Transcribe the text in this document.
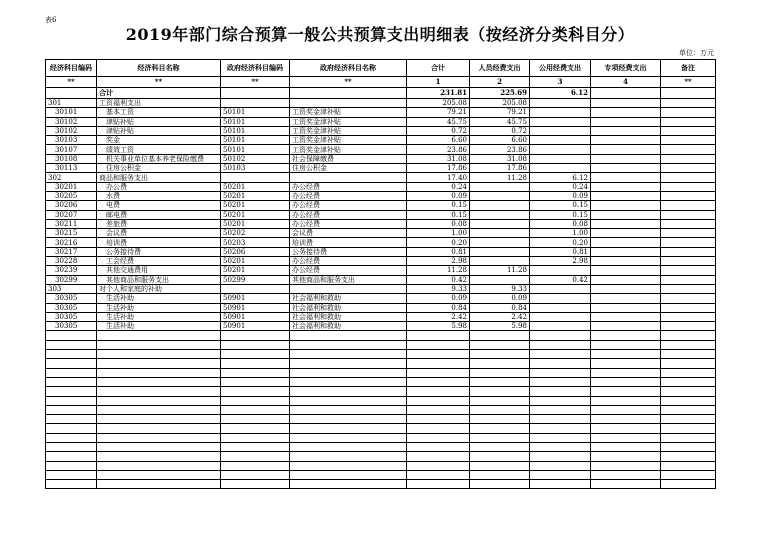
表6
2019年部门综合预算一般公共预算支出明细表（按经济分类科目分）
单位：万元
经济科目编码	经济科目名称	政府经济科目编码	政府经济科目名称	合计	人员经费支出	公用经费支出	专项经费支出	备注
**	**	**	**	1	2	3	4	**
	合计			231.81	225.69	6.12		
301	工资福利支出			205.08	205.08			
30101	基本工资	50101	工资奖金津补贴	79.21	79.21			
30102	津贴补贴	50101	工资奖金津补贴	45.75	45.75			
30102	津贴补贴	50101	工资奖金津补贴	0.72	0.72			
30103	奖金	50101	工资奖金津补贴	6.60	6.60			
30107	绩效工资	50101	工资奖金津补贴	23.86	23.86			
30108	机关事业单位基本养老保险缴费	50102	社会保障缴费	31.08	31.08			
30113	住房公积金	50103	住房公积金	17.86	17.86			
302	商品和服务支出			17.40	11.28	6.12		
30201	办公费	50201	办公经费	0.24		0.24		
30205	水费	50201	办公经费	0.09		0.09		
30206	电费	50201	办公经费	0.15		0.15		
30207	邮电费	50201	办公经费	0.15		0.15		
30211	差旅费	50201	办公经费	0.08		0.08		
30215	会议费	50202	会议费	1.00		1.00		
30216	培训费	50203	培训费	0.20		0.20		
30217	公务接待费	50206	公务接待费	0.81		0.81		
30228	工会经费	50201	办公经费	2.98		2.98		
30239	其他交通费用	50201	办公经费	11.28	11.28			
30299	其他商品和服务支出	50299	其他商品和服务支出	0.42		0.42		
303	对个人和家庭的补助			9.33	9.33			
30305	生活补助	50901	社会福利和救助	0.09	0.09			
30305	生活补助	50901	社会福利和救助	0.84	0.84			
30305	生活补助	50901	社会福利和救助	2.42	2.42			
30305	生活补助	50901	社会福利和救助	5.98	5.98			
